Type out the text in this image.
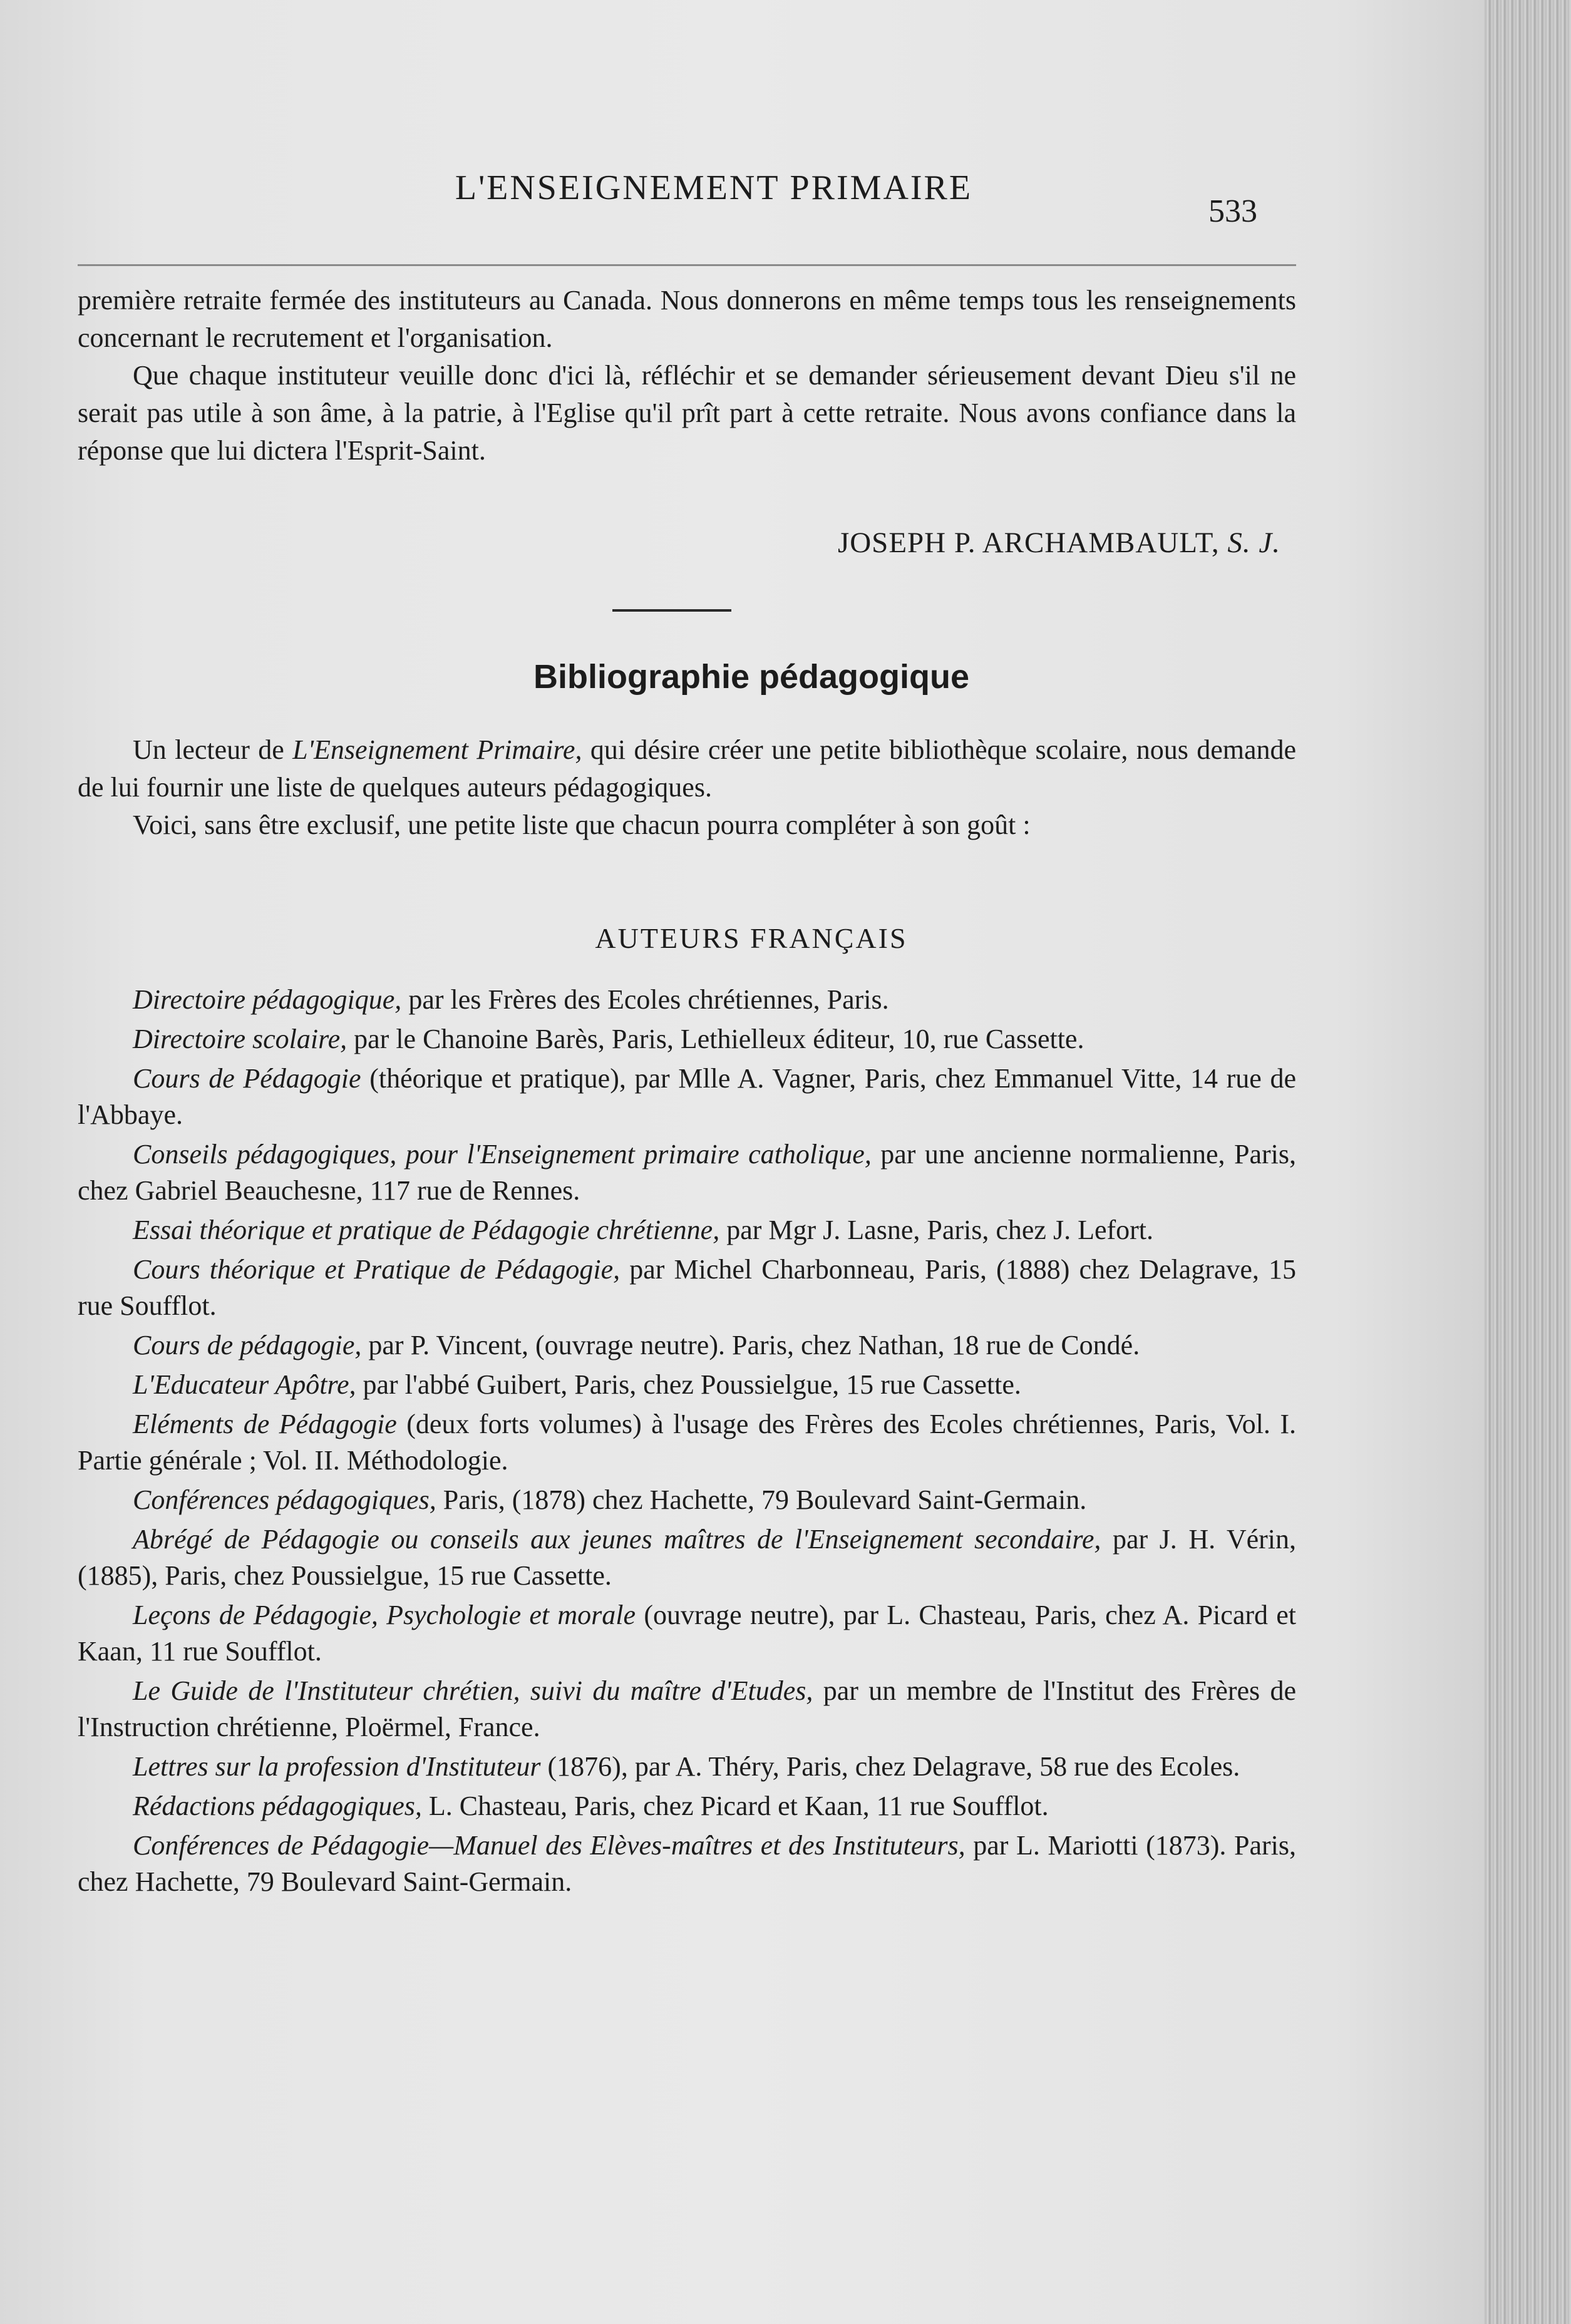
L'ENSEIGNEMENT PRIMAIRE
533

première retraite fermée des instituteurs au Canada. Nous donnerons en même temps tous les renseignements concernant le recrutement et l'organisation.

Que chaque instituteur veuille donc d'ici là, réfléchir et se demander sérieusement devant Dieu s'il ne serait pas utile à son âme, à la patrie, à l'Eglise qu'il prît part à cette retraite. Nous avons confiance dans la réponse que lui dictera l'Esprit-Saint.

JOSEPH P. ARCHAMBAULT, S. J.
Bibliographie pédagogique

Un lecteur de L'Enseignement Primaire, qui désire créer une petite bibliothèque scolaire, nous demande de lui fournir une liste de quelques auteurs pédagogiques.

Voici, sans être exclusif, une petite liste que chacun pourra compléter à son goût :

AUTEURS FRANÇAIS

Directoire pédagogique, par les Frères des Ecoles chrétiennes, Paris.

Directoire scolaire, par le Chanoine Barès, Paris, Lethielleux éditeur, 10, rue Cassette.

Cours de Pédagogie (théorique et pratique), par Mlle A. Vagner, Paris, chez Emmanuel Vitte, 14 rue de l'Abbaye.

Conseils pédagogiques, pour l'Enseignement primaire catholique, par une ancienne normalienne, Paris, chez Gabriel Beauchesne, 117 rue de Rennes.

Essai théorique et pratique de Pédagogie chrétienne, par Mgr J. Lasne, Paris, chez J. Lefort.

Cours théorique et Pratique de Pédagogie, par Michel Charbonneau, Paris, (1888) chez Delagrave, 15 rue Soufflot.

Cours de pédagogie, par P. Vincent, (ouvrage neutre). Paris, chez Nathan, 18 rue de Condé.

L'Educateur Apôtre, par l'abbé Guibert, Paris, chez Poussielgue, 15 rue Cassette.

Eléments de Pédagogie (deux forts volumes) à l'usage des Frères des Ecoles chrétiennes, Paris, Vol. I. Partie générale ; Vol. II. Méthodologie.

Conférences pédagogiques, Paris, (1878) chez Hachette, 79 Boulevard Saint-Germain.

Abrégé de Pédagogie ou conseils aux jeunes maîtres de l'Enseignement secondaire, par J. H. Vérin, (1885), Paris, chez Poussielgue, 15 rue Cassette.

Leçons de Pédagogie, Psychologie et morale (ouvrage neutre), par L. Chasteau, Paris, chez A. Picard et Kaan, 11 rue Soufflot.

Le Guide de l'Instituteur chrétien, suivi du maître d'Etudes, par un membre de l'Institut des Frères de l'Instruction chrétienne, Ploërmel, France.

Lettres sur la profession d'Instituteur (1876), par A. Théry, Paris, chez Delagrave, 58 rue des Ecoles.

Rédactions pédagogiques, L. Chasteau, Paris, chez Picard et Kaan, 11 rue Soufflot.

Conférences de Pédagogie—Manuel des Elèves-maîtres et des Instituteurs, par L. Mariotti (1873). Paris, chez Hachette, 79 Boulevard Saint-Germain.
